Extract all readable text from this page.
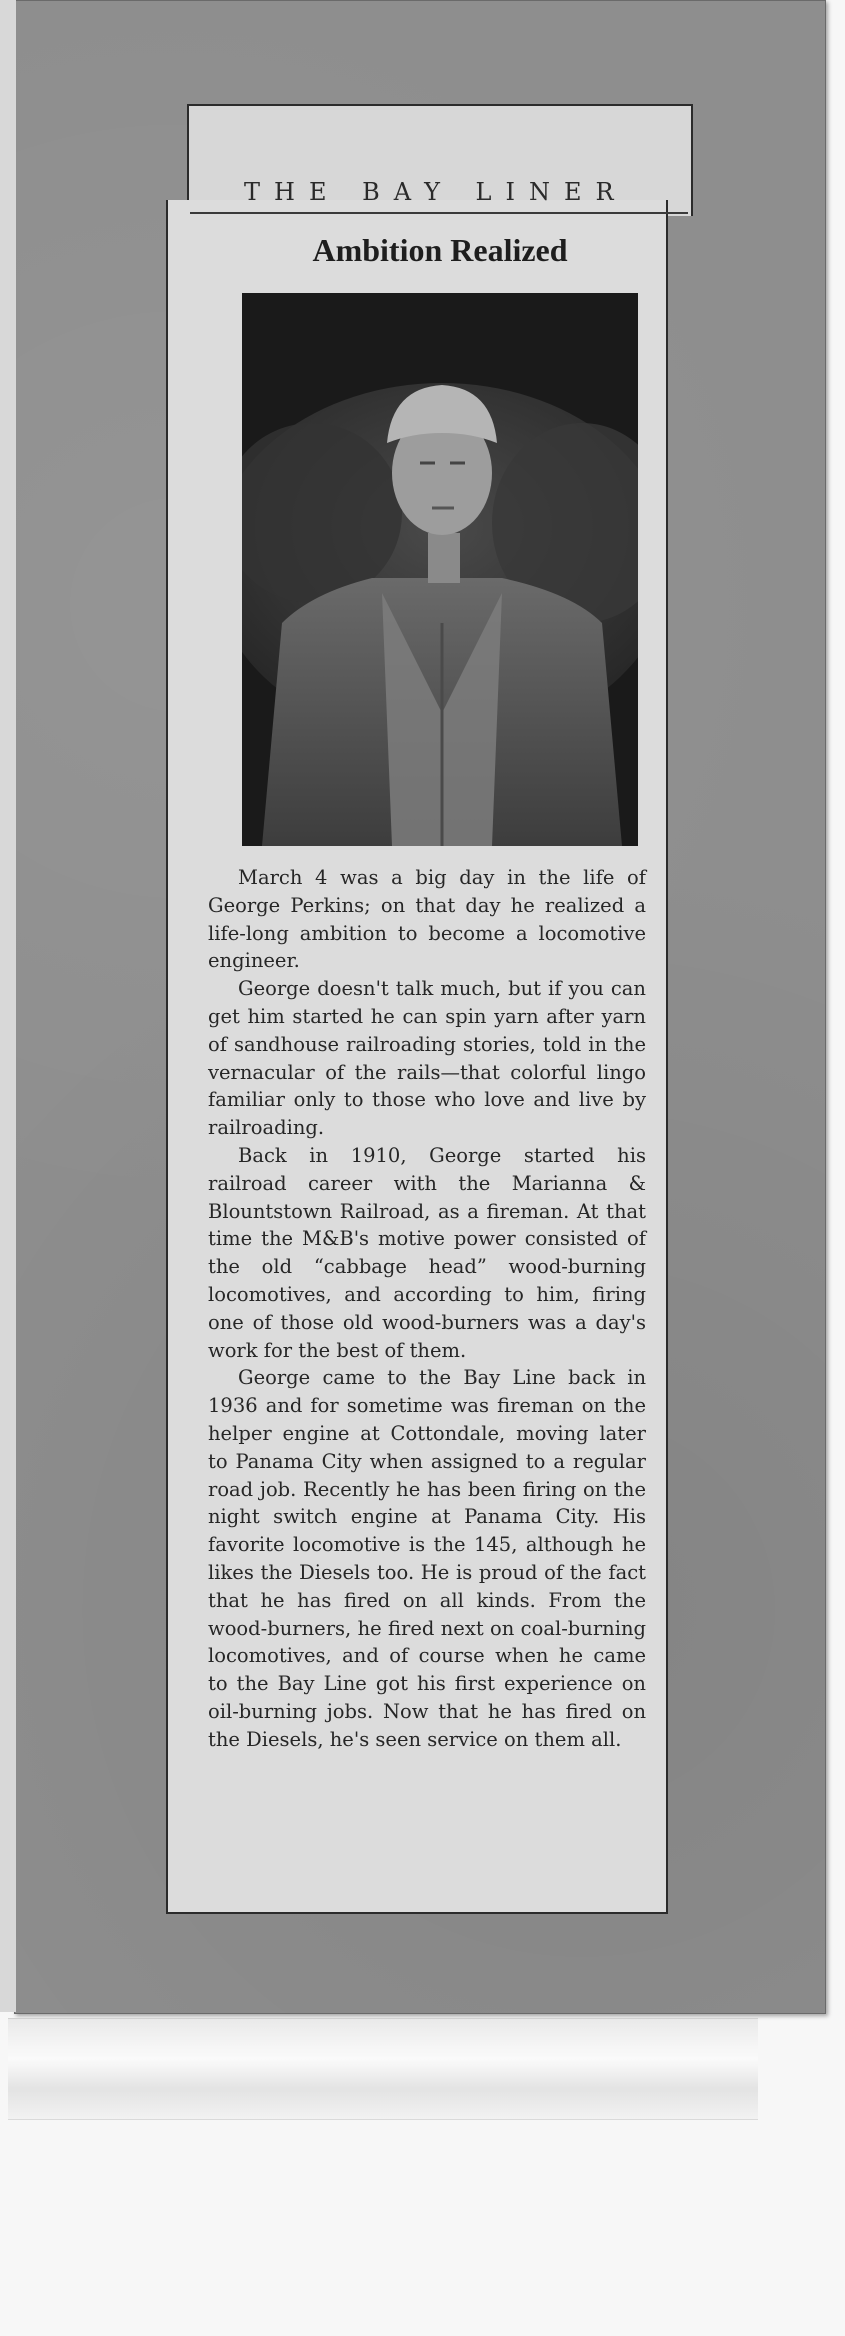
THE BAY LINER
Ambition Realized

March 4 was a big day in the life of George Perkins; on that day he realized a life-long ambition to become a locomotive engineer.

George doesn't talk much, but if you can get him started he can spin yarn after yarn of sandhouse railroading stories, told in the vernacular of the rails—that colorful lingo familiar only to those who love and live by railroading.

Back in 1910, George started his railroad career with the Marianna & Blountstown Railroad, as a fireman. At that time the M&B's motive power consisted of the old “cabbage head” wood-burning locomotives, and according to him, firing one of those old wood-burners was a day's work for the best of them.

George came to the Bay Line back in 1936 and for sometime was fireman on the helper engine at Cottondale, moving later to Panama City when assigned to a regular road job. Recently he has been firing on the night switch engine at Panama City. His favorite locomotive is the 145, although he likes the Diesels too. He is proud of the fact that he has fired on all kinds. From the wood-burners, he fired next on coal-burning locomotives, and of course when he came to the Bay Line got his first experience on oil-burning jobs. Now that he has fired on the Diesels, he's seen service on them all.
